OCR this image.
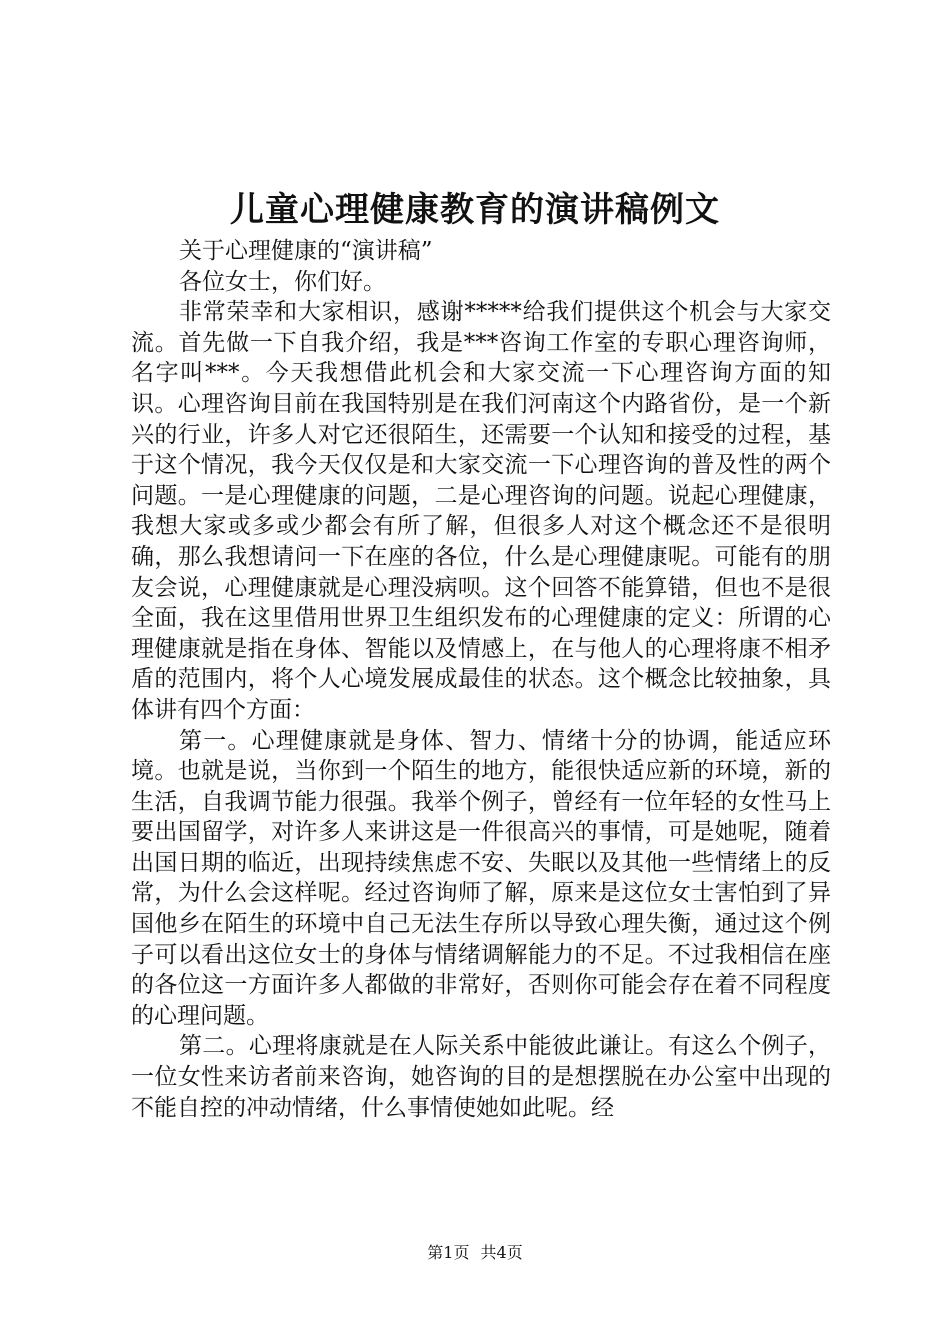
儿童心理健康教育的演讲稿例文

关于心理健康的“演讲稿”

各位女士，你们好。

非常荣幸和大家相识，感谢*****给我们提供这个机会与大家交流。首先做一下自我介绍，我是***咨询工作室的专职心理咨询师，名字叫***。今天我想借此机会和大家交流一下心理咨询方面的知识。心理咨询目前在我国特别是在我们河南这个内路省份，是一个新兴的行业，许多人对它还很陌生，还需要一个认知和接受的过程，基于这个情况，我今天仅仅是和大家交流一下心理咨询的普及性的两个问题。一是心理健康的问题，二是心理咨询的问题。说起心理健康，我想大家或多或少都会有所了解，但很多人对这个概念还不是很明确，那么我想请问一下在座的各位，什么是心理健康呢。可能有的朋友会说，心理健康就是心理没病呗。这个回答不能算错，但也不是很全面，我在这里借用世界卫生组织发布的心理健康的定义：所谓的心理健康就是指在身体、智能以及情感上，在与他人的心理将康不相矛盾的范围内，将个人心境发展成最佳的状态。这个概念比较抽象，具体讲有四个方面：

第一。心理健康就是身体、智力、情绪十分的协调，能适应环境。也就是说，当你到一个陌生的地方，能很快适应新的环境，新的生活，自我调节能力很强。我举个例子，曾经有一位年轻的女性马上要出国留学，对许多人来讲这是一件很高兴的事情，可是她呢，随着出国日期的临近，出现持续焦虑不安、失眠以及其他一些情绪上的反常，为什么会这样呢。经过咨询师了解，原来是这位女士害怕到了异国他乡在陌生的环境中自己无法生存所以导致心理失衡，通过这个例子可以看出这位女士的身体与情绪调解能力的不足。不过我相信在座的各位这一方面许多人都做的非常好，否则你可能会存在着不同程度的心理问题。

第二。心理将康就是在人际关系中能彼此谦让。有这么个例子，一位女性来访者前来咨询，她咨询的目的是想摆脱在办公室中出现的不能自控的冲动情绪，什么事情使她如此呢。经

第1页 共4页
